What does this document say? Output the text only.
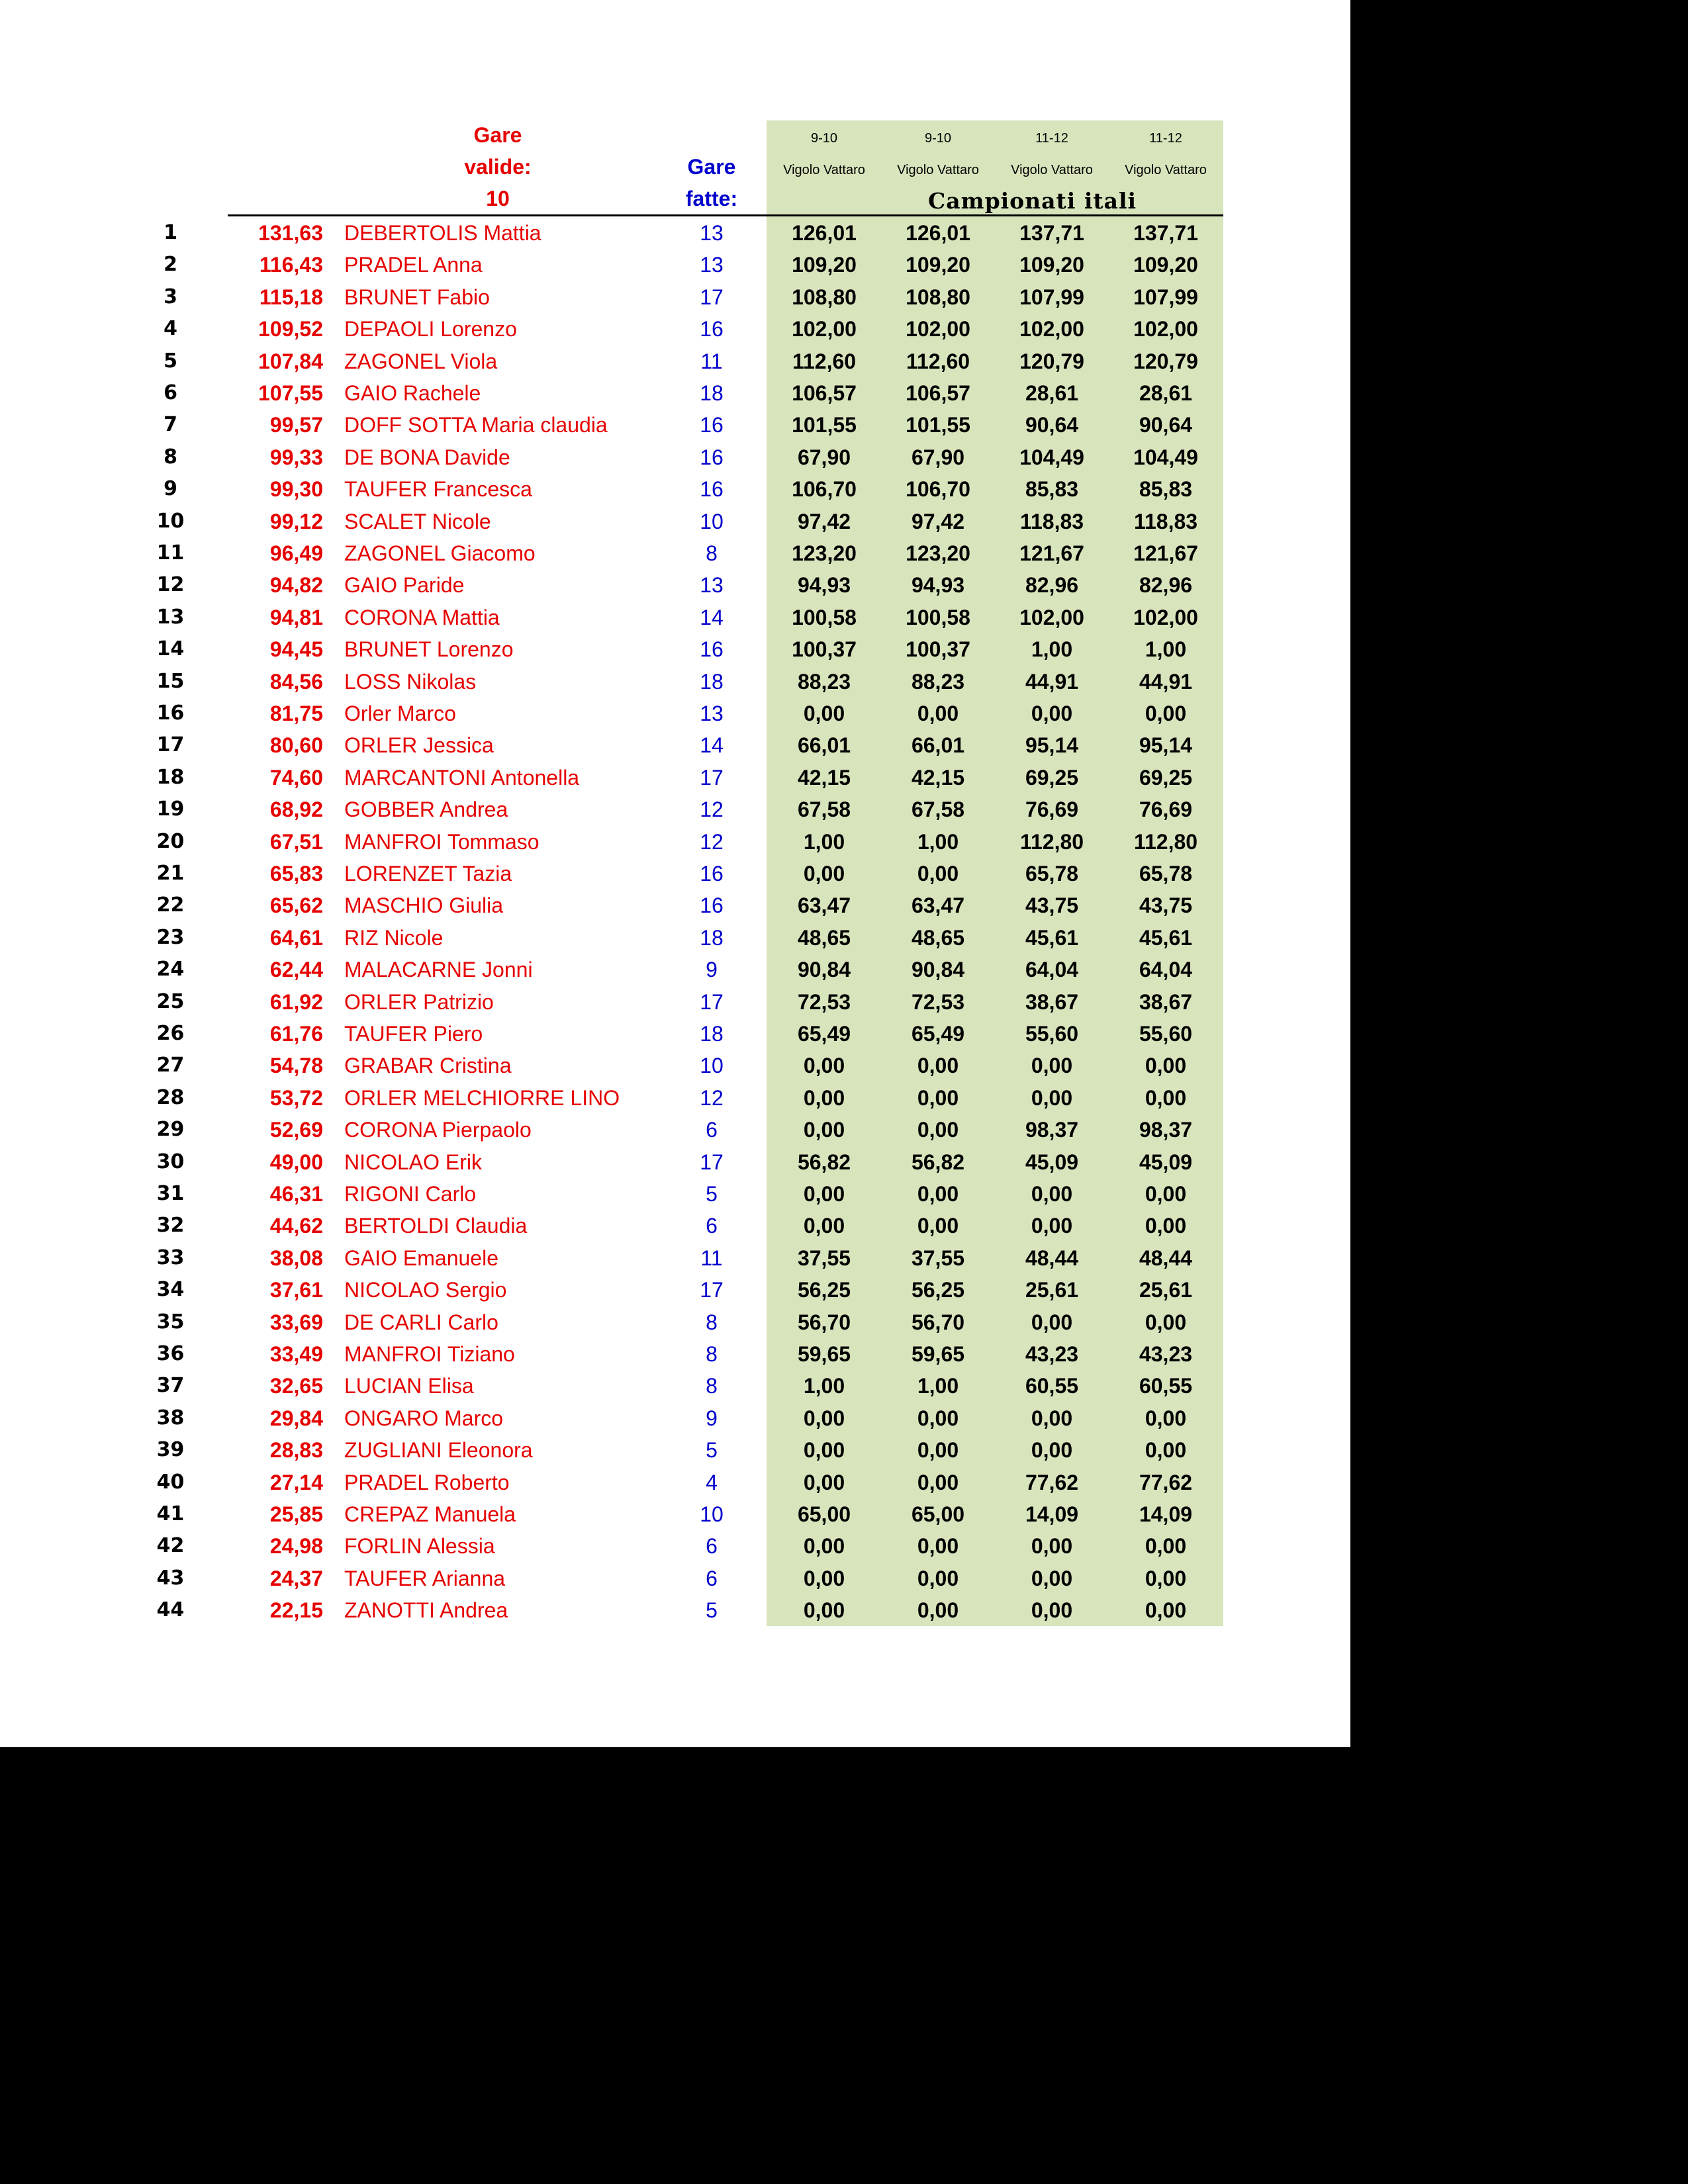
Gare
valide:
10
Gare
fatte:
9-10	9-10	11-12	11-12
Vigolo Vattaro	Vigolo Vattaro	Vigolo Vattaro	Vigolo Vattaro
Campionati itali
1	131,63 DEBERTOLIS Mattia	13	126,01	126,01	137,71	137,71
2	116,43 PRADEL Anna	13	109,20	109,20	109,20	109,20
3	115,18 BRUNET Fabio	17	108,80	108,80	107,99	107,99
4	109,52 DEPAOLI Lorenzo	16	102,00	102,00	102,00	102,00
5	107,84 ZAGONEL Viola	11	112,60	112,60	120,79	120,79
6	107,55 GAIO Rachele	18	106,57	106,57	28,61	28,61
7	99,57 DOFF SOTTA Maria claudia	16	101,55	101,55	90,64	90,64
8	99,33 DE BONA Davide	16	67,90	67,90	104,49	104,49
9	99,30 TAUFER Francesca	16	106,70	106,70	85,83	85,83
10	99,12 SCALET Nicole	10	97,42	97,42	118,83	118,83
11	96,49 ZAGONEL Giacomo	8	123,20	123,20	121,67	121,67
12	94,82 GAIO Paride	13	94,93	94,93	82,96	82,96
13	94,81 CORONA Mattia	14	100,58	100,58	102,00	102,00
14	94,45 BRUNET Lorenzo	16	100,37	100,37	1,00	1,00
15	84,56 LOSS Nikolas	18	88,23	88,23	44,91	44,91
16	81,75 Orler Marco	13	0,00	0,00	0,00	0,00
17	80,60 ORLER Jessica	14	66,01	66,01	95,14	95,14
18	74,60 MARCANTONI Antonella	17	42,15	42,15	69,25	69,25
19	68,92 GOBBER Andrea	12	67,58	67,58	76,69	76,69
20	67,51 MANFROI Tommaso	12	1,00	1,00	112,80	112,80
21	65,83 LORENZET Tazia	16	0,00	0,00	65,78	65,78
22	65,62 MASCHIO Giulia	16	63,47	63,47	43,75	43,75
23	64,61 RIZ Nicole	18	48,65	48,65	45,61	45,61
24	62,44 MALACARNE Jonni	9	90,84	90,84	64,04	64,04
25	61,92 ORLER Patrizio	17	72,53	72,53	38,67	38,67
26	61,76 TAUFER Piero	18	65,49	65,49	55,60	55,60
27	54,78 GRABAR Cristina	10	0,00	0,00	0,00	0,00
28	53,72 ORLER MELCHIORRE LINO	12	0,00	0,00	0,00	0,00
29	52,69 CORONA Pierpaolo	6	0,00	0,00	98,37	98,37
30	49,00 NICOLAO Erik	17	56,82	56,82	45,09	45,09
31	46,31 RIGONI Carlo	5	0,00	0,00	0,00	0,00
32	44,62 BERTOLDI Claudia	6	0,00	0,00	0,00	0,00
33	38,08 GAIO Emanuele	11	37,55	37,55	48,44	48,44
34	37,61 NICOLAO Sergio	17	56,25	56,25	25,61	25,61
35	33,69 DE CARLI Carlo	8	56,70	56,70	0,00	0,00
36	33,49 MANFROI Tiziano	8	59,65	59,65	43,23	43,23
37	32,65 LUCIAN Elisa	8	1,00	1,00	60,55	60,55
38	29,84 ONGARO Marco	9	0,00	0,00	0,00	0,00
39	28,83 ZUGLIANI Eleonora	5	0,00	0,00	0,00	0,00
40	27,14 PRADEL Roberto	4	0,00	0,00	77,62	77,62
41	25,85 CREPAZ Manuela	10	65,00	65,00	14,09	14,09
42	24,98 FORLIN Alessia	6	0,00	0,00	0,00	0,00
43	24,37 TAUFER Arianna	6	0,00	0,00	0,00	0,00
44	22,15 ZANOTTI Andrea	5	0,00	0,00	0,00	0,00
